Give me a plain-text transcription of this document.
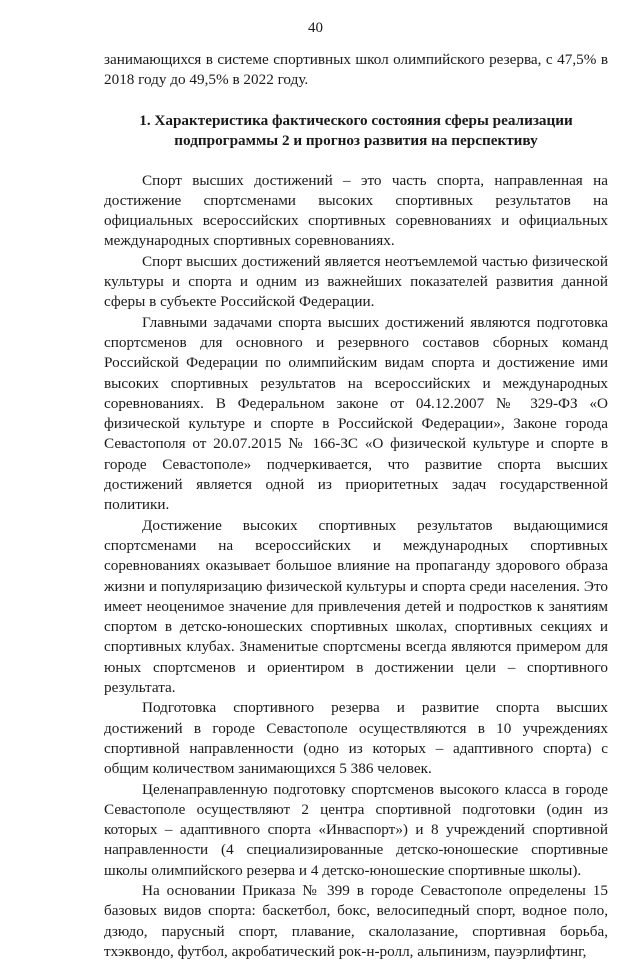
40

занимающихся в системе спортивных школ олимпийского резерва, с 47,5% в 2018 году до 49,5% в 2022 году.

1. Характеристика фактического состояния сферы реализации
подпрограммы 2 и прогноз развития на перспективу

Спорт высших достижений – это часть спорта, направленная на достижение спортсменами высоких спортивных результатов на официальных всероссийских спортивных соревнованиях и официальных международных спортивных соревнованиях.

Спорт высших достижений является неотъемлемой частью физической культуры и спорта и одним из важнейших показателей развития данной сферы в субъекте Российской Федерации.

Главными задачами спорта высших достижений являются подготовка спортсменов для основного и резервного составов сборных команд Российской Федерации по олимпийским видам спорта и достижение ими высоких спортивных результатов на всероссийских и международных соревнованиях. В Федеральном законе от 04.12.2007 № 329-ФЗ «О физической культуре и спорте в Российской Федерации», Законе города Севастополя от 20.07.2015 № 166-ЗС «О физической культуре и спорте в городе Севастополе» подчеркивается, что развитие спорта высших достижений является одной из приоритетных задач государственной политики.

Достижение высоких спортивных результатов выдающимися спортсменами на всероссийских и международных спортивных соревнованиях оказывает большое влияние на пропаганду здорового образа жизни и популяризацию физической культуры и спорта среди населения. Это имеет неоценимое значение для привлечения детей и подростков к занятиям спортом в детско-юношеских спортивных школах, спортивных секциях и спортивных клубах. Знаменитые спортсмены всегда являются примером для юных спортсменов и ориентиром в достижении цели – спортивного результата.

Подготовка спортивного резерва и развитие спорта высших достижений в городе Севастополе осуществляются в 10 учреждениях спортивной направленности (одно из которых – адаптивного спорта) с общим количеством занимающихся 5 386 человек.

Целенаправленную подготовку спортсменов высокого класса в городе Севастополе осуществляют 2 центра спортивной подготовки (один из которых – адаптивного спорта «Инваспорт») и 8 учреждений спортивной направленности (4 специализированные детско-юношеские спортивные школы олимпийского резерва и 4 детско-юношеские спортивные школы).

На основании Приказа № 399 в городе Севастополе определены 15 базовых видов спорта: баскетбол, бокс, велосипедный спорт, водное поло, дзюдо, парусный спорт, плавание, скалолазание, спортивная борьба, тхэквондо, футбол, акробатический рок-н-ролл, альпинизм, пауэрлифтинг,
